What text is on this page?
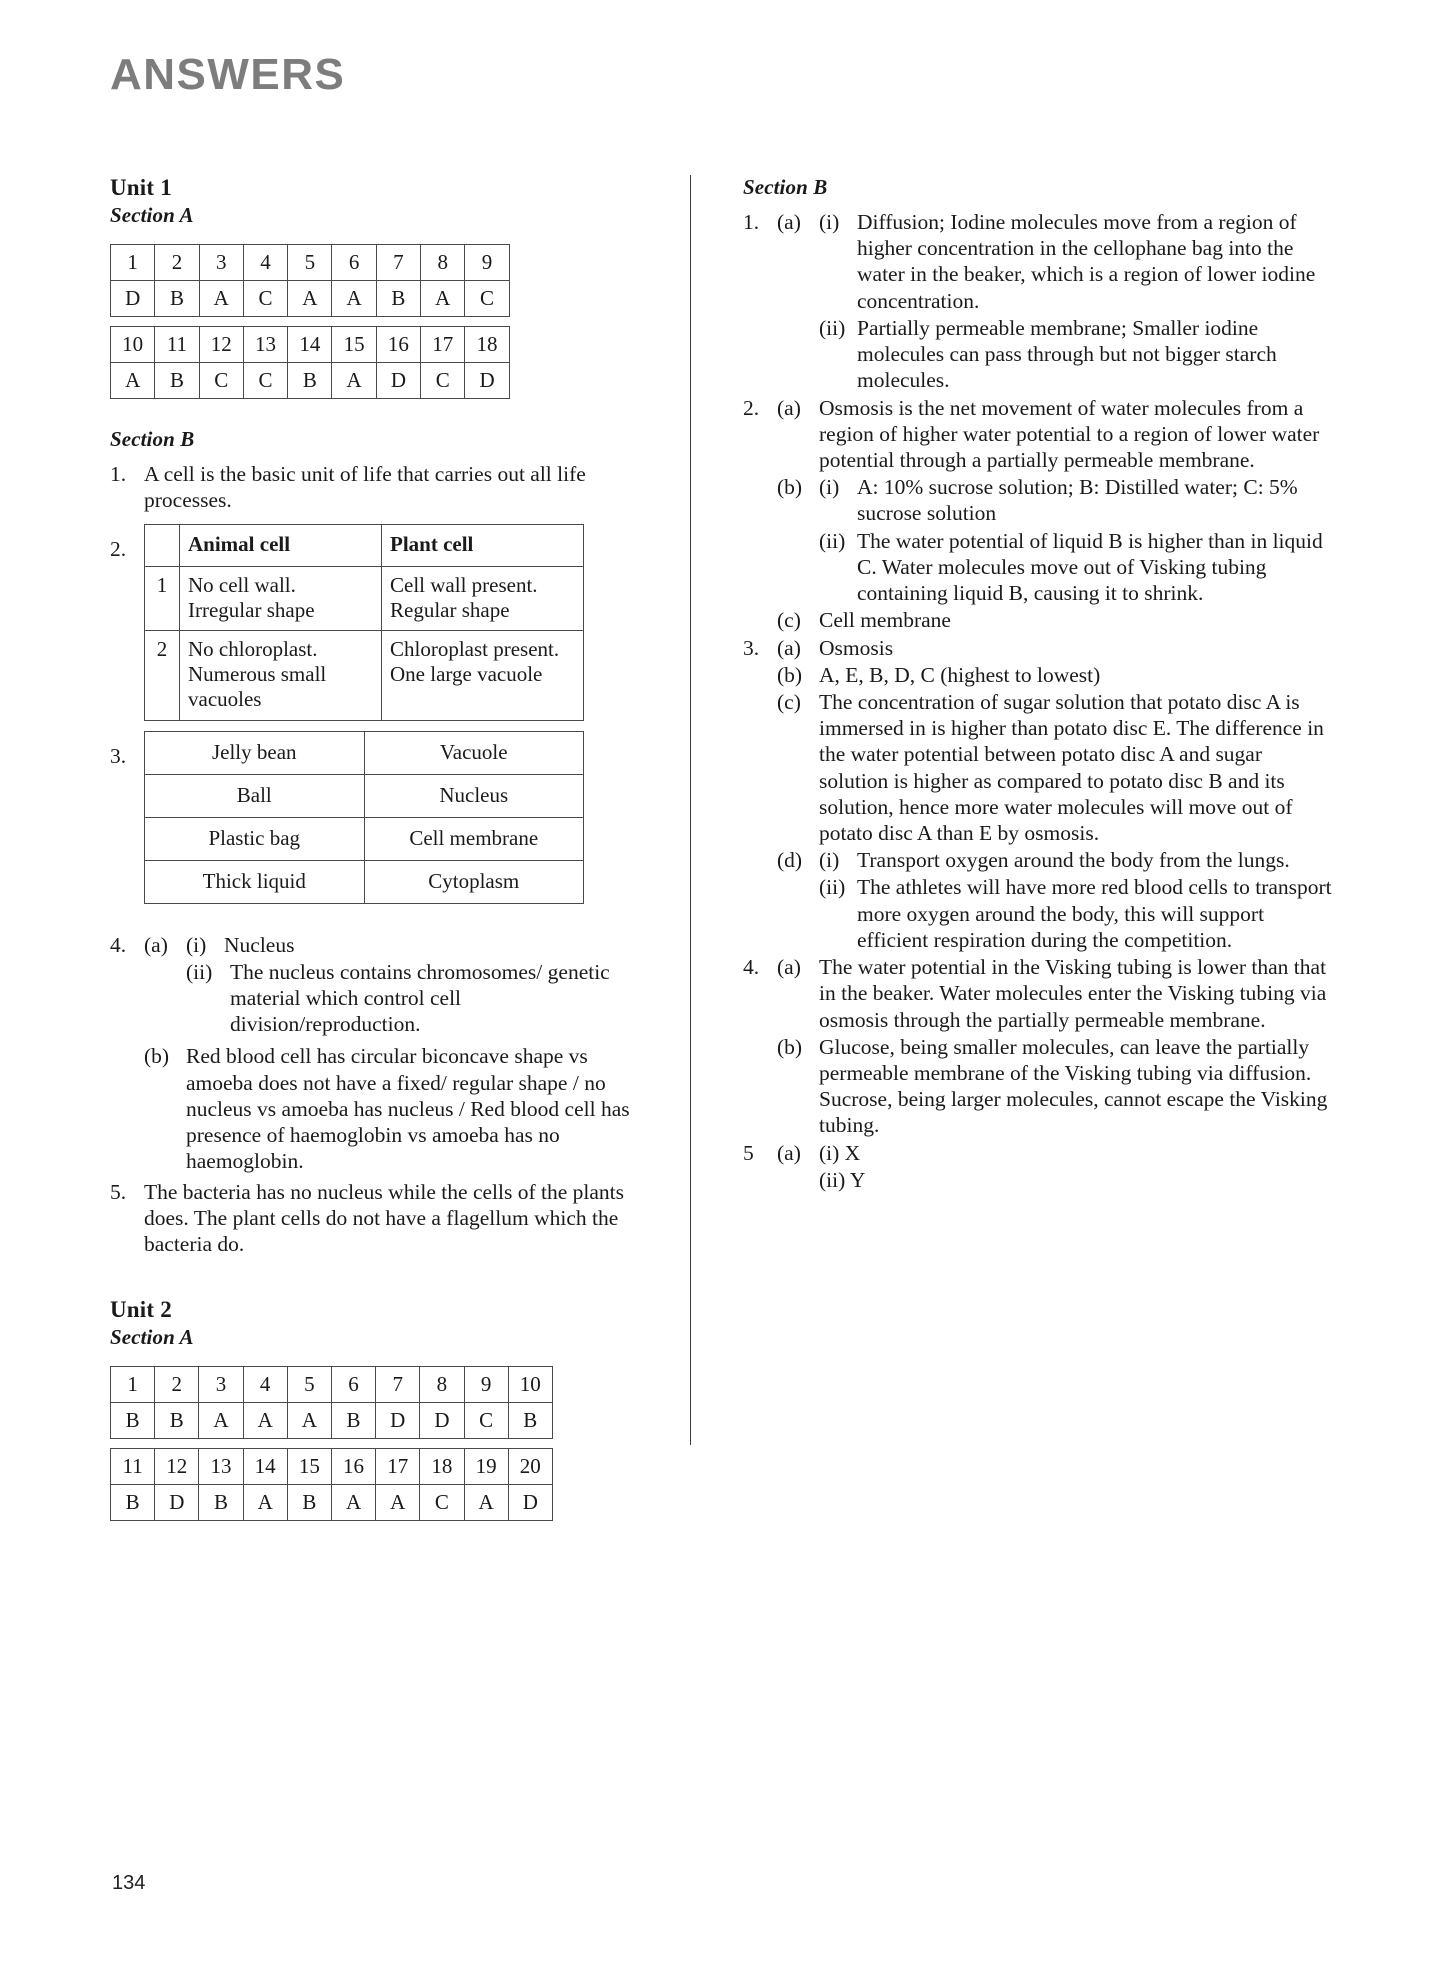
ANSWERS
Unit 1
Section A
1	2	3	4	5	6	7	8	9
D	B	A	C	A	A	B	A	C
10	11	12	13	14	15	16	17	18
A	B	C	C	B	A	D	C	D
Section B
1. A cell is the basic unit of life that carries out all life processes.
2.
		Animal cell	Plant cell
1	No cell wall. Irregular shape	Cell wall present. Regular shape
2	No chloroplast. Numerous small vacuoles	Chloroplast present. One large vacuole
3.	Jelly bean	Vacuole
Ball	Nucleus
Plastic bag	Cell membrane
Thick liquid	Cytoplasm
4. (a) (i) Nucleus
(ii) The nucleus contains chromosomes/ genetic material which control cell division/reproduction.
(b) Red blood cell has circular biconcave shape vs amoeba does not have a fixed/ regular shape / no nucleus vs amoeba has nucleus / Red blood cell has presence of haemoglobin vs amoeba has no haemoglobin.
5. The bacteria has no nucleus while the cells of the plants does. The plant cells do not have a flagellum which the bacteria do.
Unit 2
Section A
1	2	3	4	5	6	7	8	9	10
B	B	A	A	A	B	D	D	C	B
11	12	13	14	15	16	17	18	19	20
B	D	B	A	B	A	A	C	A	D
Section B
1. (a) (i) Diffusion; Iodine molecules move from a region of higher concentration in the cellophane bag into the water in the beaker, which is a region of lower iodine concentration.
(ii) Partially permeable membrane; Smaller iodine molecules can pass through but not bigger starch molecules.
2. (a) Osmosis is the net movement of water molecules from a region of higher water potential to a region of lower water potential through a partially permeable membrane.
(b) (i) A: 10% sucrose solution; B: Distilled water; C: 5% sucrose solution
(ii) The water potential of liquid B is higher than in liquid C. Water molecules move out of Visking tubing containing liquid B, causing it to shrink.
(c) Cell membrane
3. (a) Osmosis
(b) A, E, B, D, C (highest to lowest)
(c) The concentration of sugar solution that potato disc A is immersed in is higher than potato disc E. The difference in the water potential between potato disc A and sugar solution is higher as compared to potato disc B and its solution, hence more water molecules will move out of potato disc A than E by osmosis.
(d) (i) Transport oxygen around the body from the lungs.
(ii) The athletes will have more red blood cells to transport more oxygen around the body, this will support efficient respiration during the competition.
4. (a) The water potential in the Visking tubing is lower than that in the beaker. Water molecules enter the Visking tubing via osmosis through the partially permeable membrane.
(b) Glucose, being smaller molecules, can leave the partially permeable membrane of the Visking tubing via diffusion. Sucrose, being larger molecules, cannot escape the Visking tubing.
5	(a) (i) X
(ii) Y
134
